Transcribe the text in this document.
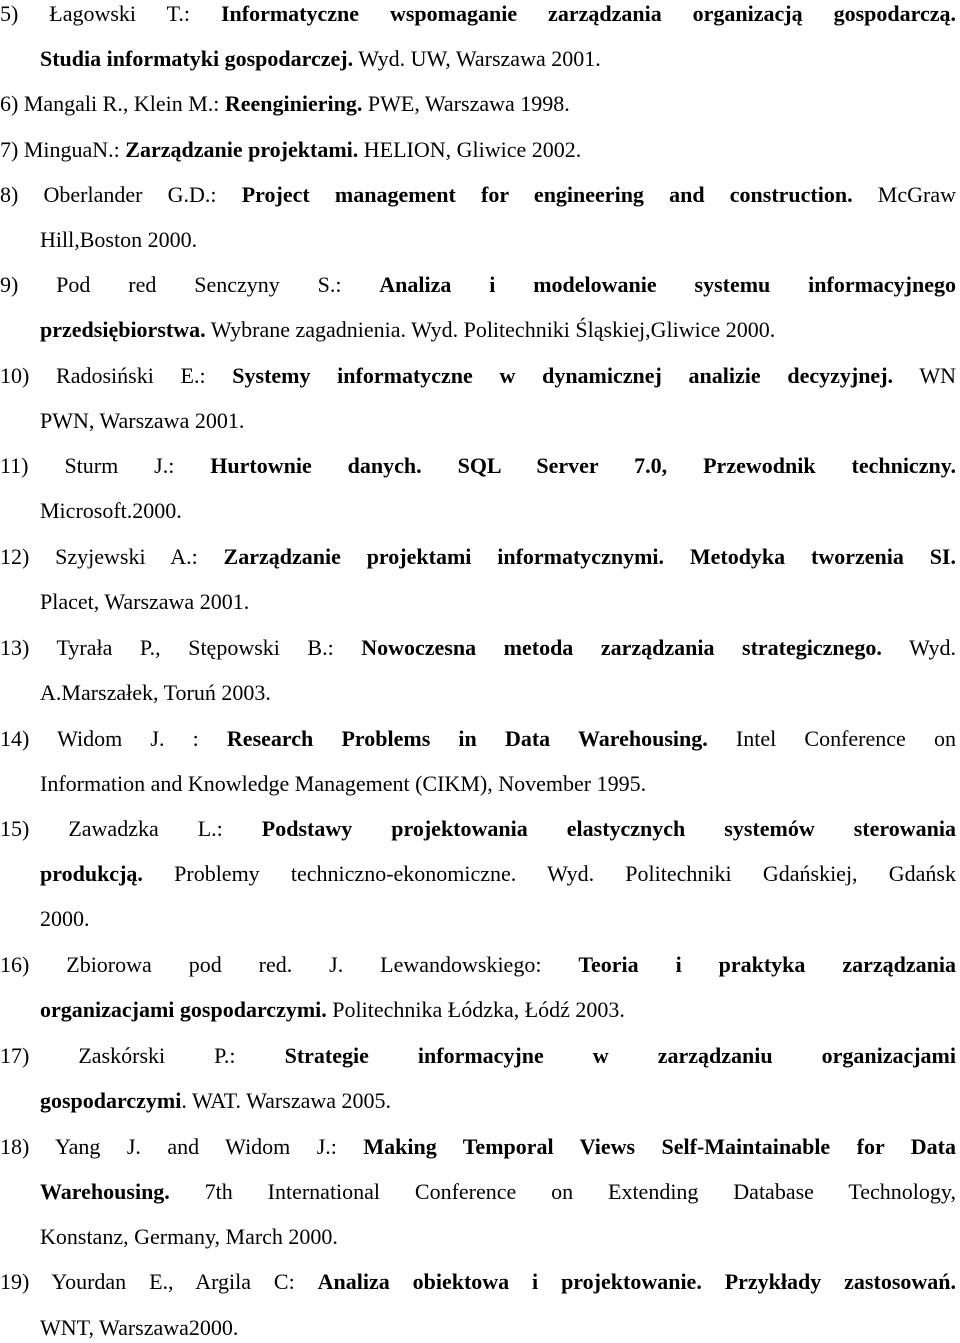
5) Łagowski T.: Informatyczne wspomaganie zarządzania organizacją gospodarczą.
Studia informatyki gospodarczej. Wyd. UW, Warszawa 2001.
6) Mangali R., Klein M.: Reenginiering. PWE, Warszawa 1998.
7) MinguaN.: Zarządzanie projektami. HELION, Gliwice 2002.
8) Oberlander G.D.: Project management for engineering and construction. McGraw
Hill,Boston 2000.
9) Pod red Senczyny S.: Analiza i modelowanie systemu informacyjnego
przedsiębiorstwa. Wybrane zagadnienia. Wyd. Politechniki Śląskiej,Gliwice 2000.
10) Radosiński E.: Systemy informatyczne w dynamicznej analizie decyzyjnej. WN
PWN, Warszawa 2001.
11) Sturm J.: Hurtownie danych. SQL Server 7.0, Przewodnik techniczny.
Microsoft.2000.
12) Szyjewski A.: Zarządzanie projektami informatycznymi. Metodyka tworzenia SI.
Placet, Warszawa 2001.
13) Tyrała P., Stępowski B.: Nowoczesna metoda zarządzania strategicznego. Wyd.
A.Marszałek, Toruń 2003.
14) Widom J. : Research Problems in Data Warehousing. Intel Conference on
Information and Knowledge Management (CIKM), November 1995.
15) Zawadzka L.: Podstawy projektowania elastycznych systemów sterowania
produkcją. Problemy techniczno-ekonomiczne. Wyd. Politechniki Gdańskiej, Gdańsk
2000.
16) Zbiorowa pod red. J. Lewandowskiego: Teoria i praktyka zarządzania
organizacjami gospodarczymi. Politechnika Łódzka, Łódź 2003.
17) Zaskórski P.: Strategie informacyjne w zarządzaniu organizacjami
gospodarczymi. WAT. Warszawa 2005.
18) Yang J. and Widom J.: Making Temporal Views Self-Maintainable for Data
Warehousing. 7th International Conference on Extending Database Technology,
Konstanz, Germany, March 2000.
19) Yourdan E., Argila C: Analiza obiektowa i projektowanie. Przykłady zastosowań.
WNT, Warszawa2000.
